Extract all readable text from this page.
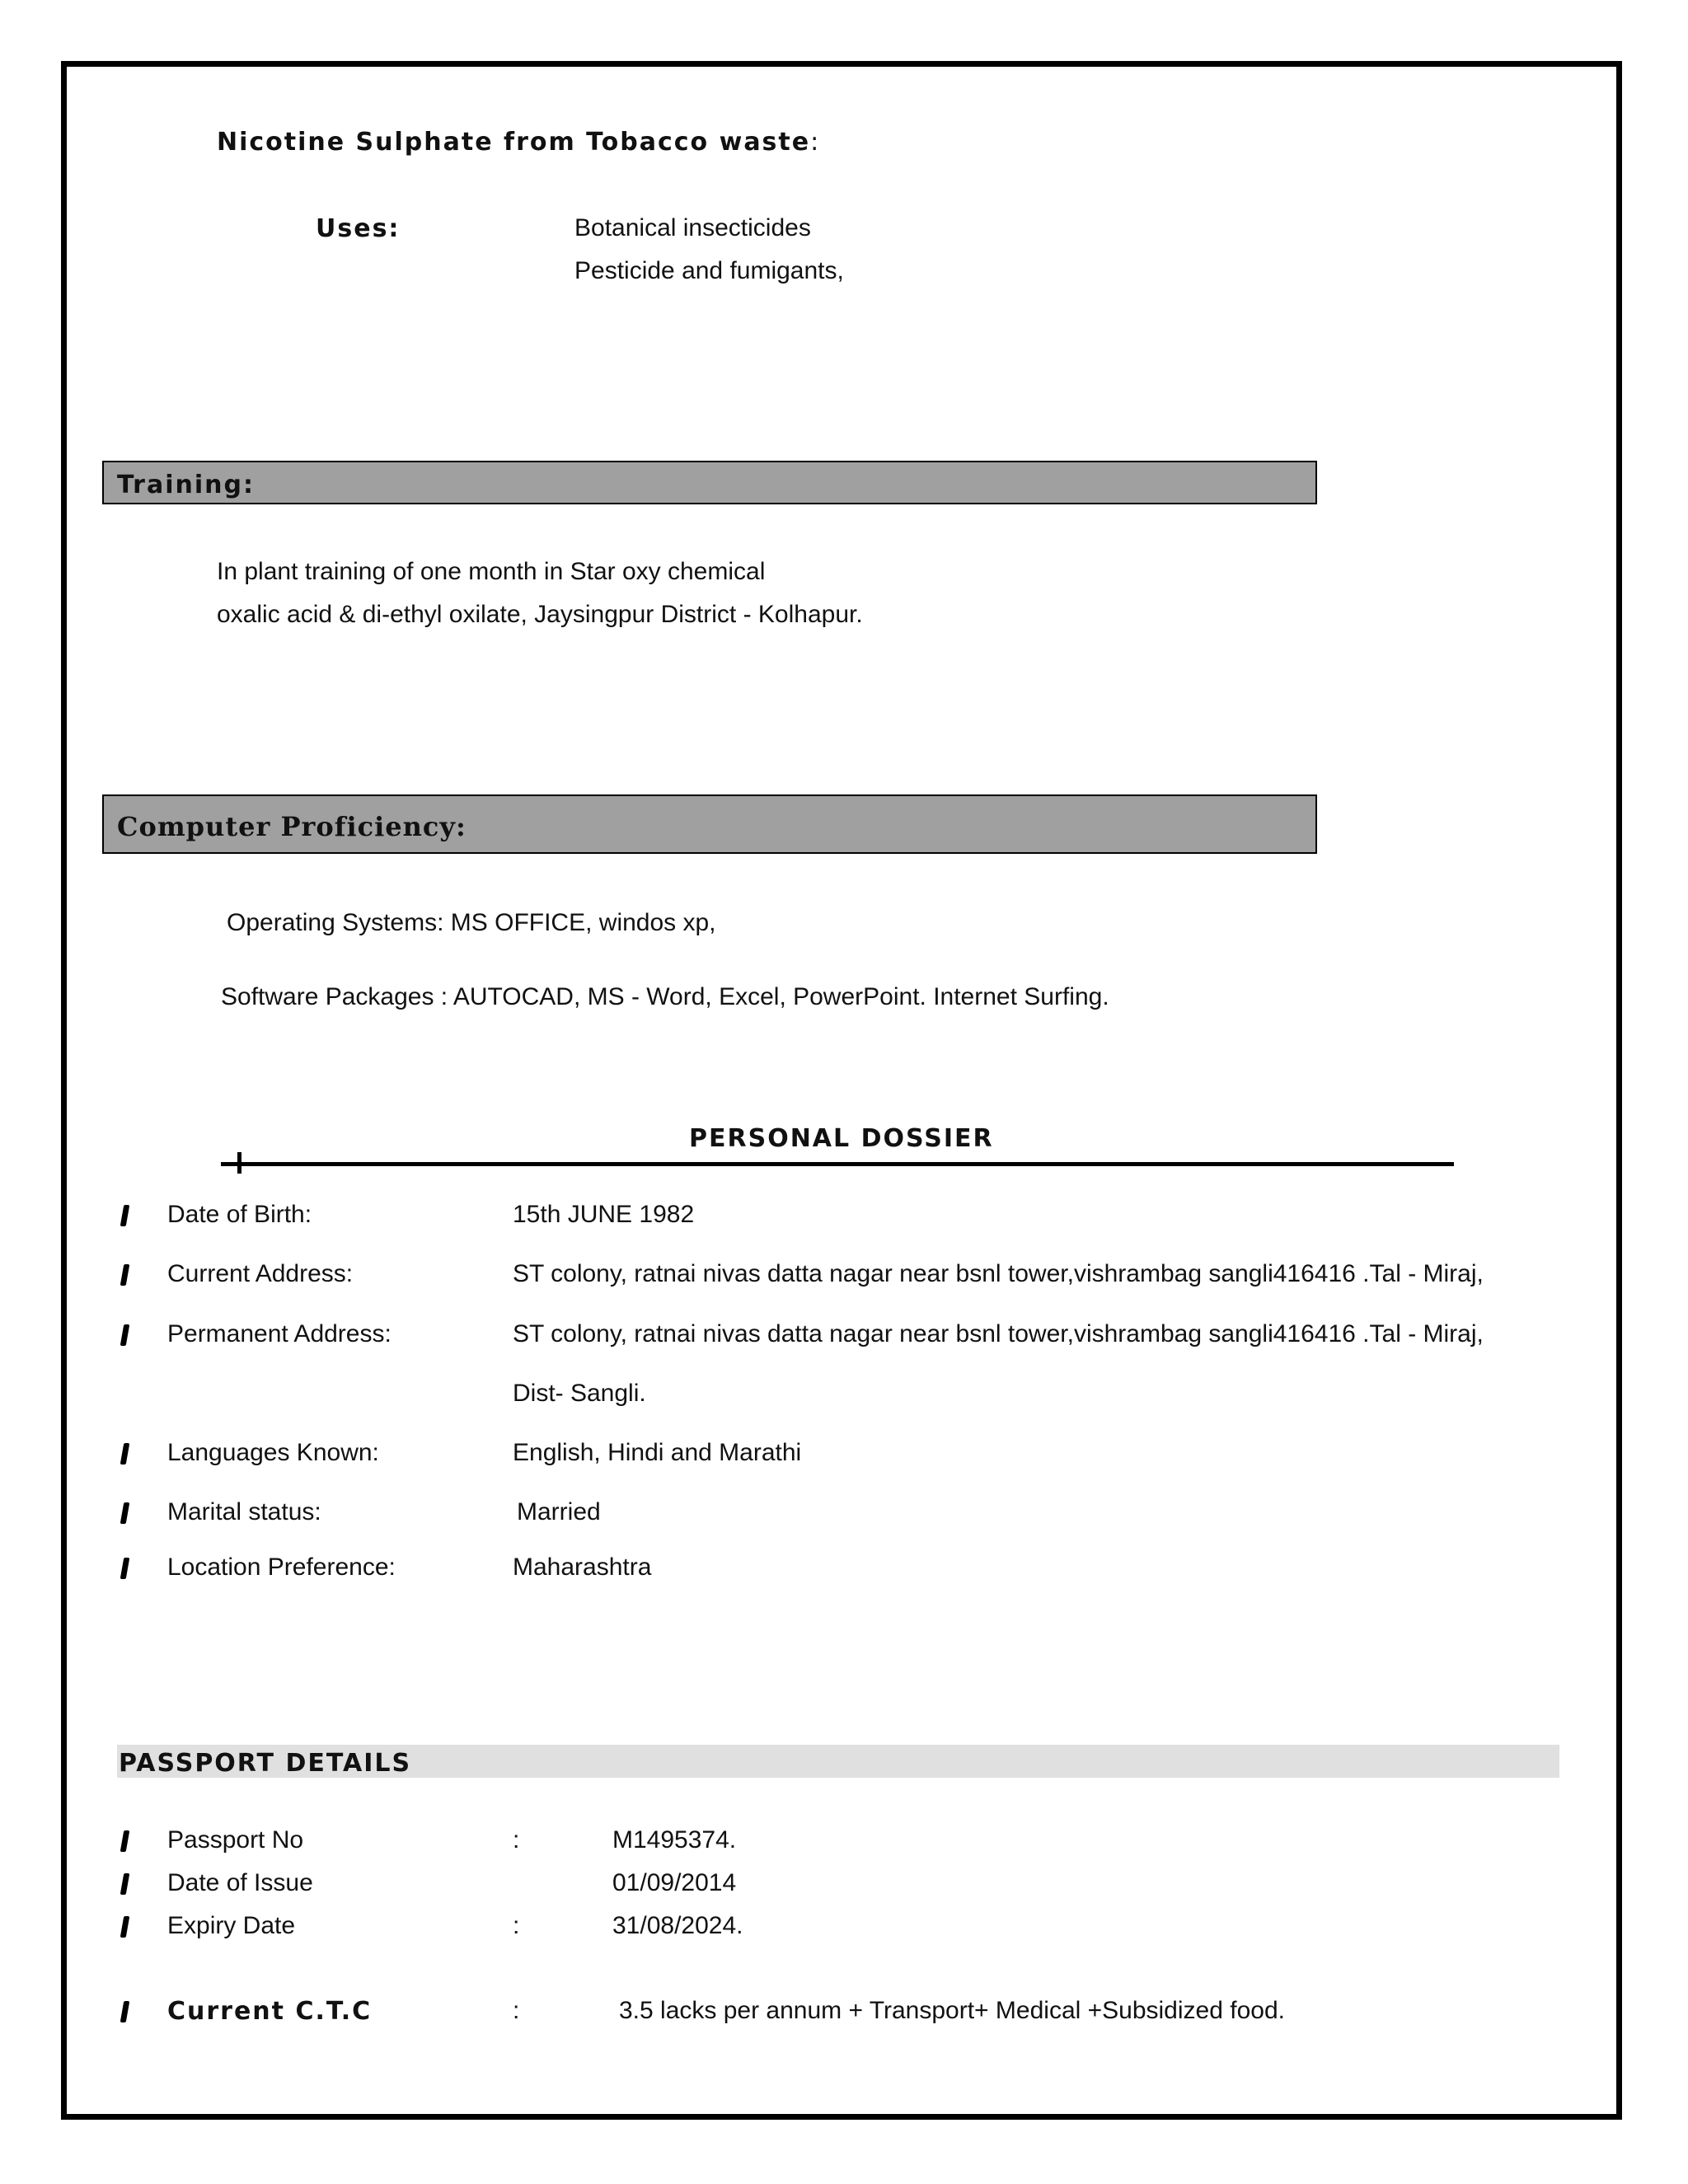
Nicotine Sulphate from Tobacco waste:
Uses:	Botanical insecticides
Pesticide and fumigants,
Training:
In plant training of one month in Star oxy chemical
oxalic acid & di-ethyl oxilate, Jaysingpur District - Kolhapur.
Computer Proficiency:
Operating Systems: MS OFFICE, windos xp,
Software Packages : AUTOCAD, MS - Word, Excel, PowerPoint. Internet Surfing.
PERSONAL DOSSIER
Date of Birth:	15th JUNE 1982
Current Address:	ST colony, ratnai nivas datta nagar near bsnl tower,vishrambag sangli416416 .Tal - Miraj,
Permanent Address:	ST colony, ratnai nivas datta nagar near bsnl tower,vishrambag sangli416416 .Tal - Miraj,
Dist- Sangli.
Languages Known:	English, Hindi and Marathi
Marital status:	Married
Location Preference:	Maharashtra
PASSPORT DETAILS
Passport No	:	M1495374.
Date of Issue	01/09/2014
Expiry Date	:	31/08/2024.
Current C.T.C	:	3.5 lacks per annum + Transport+ Medical +Subsidized food.
